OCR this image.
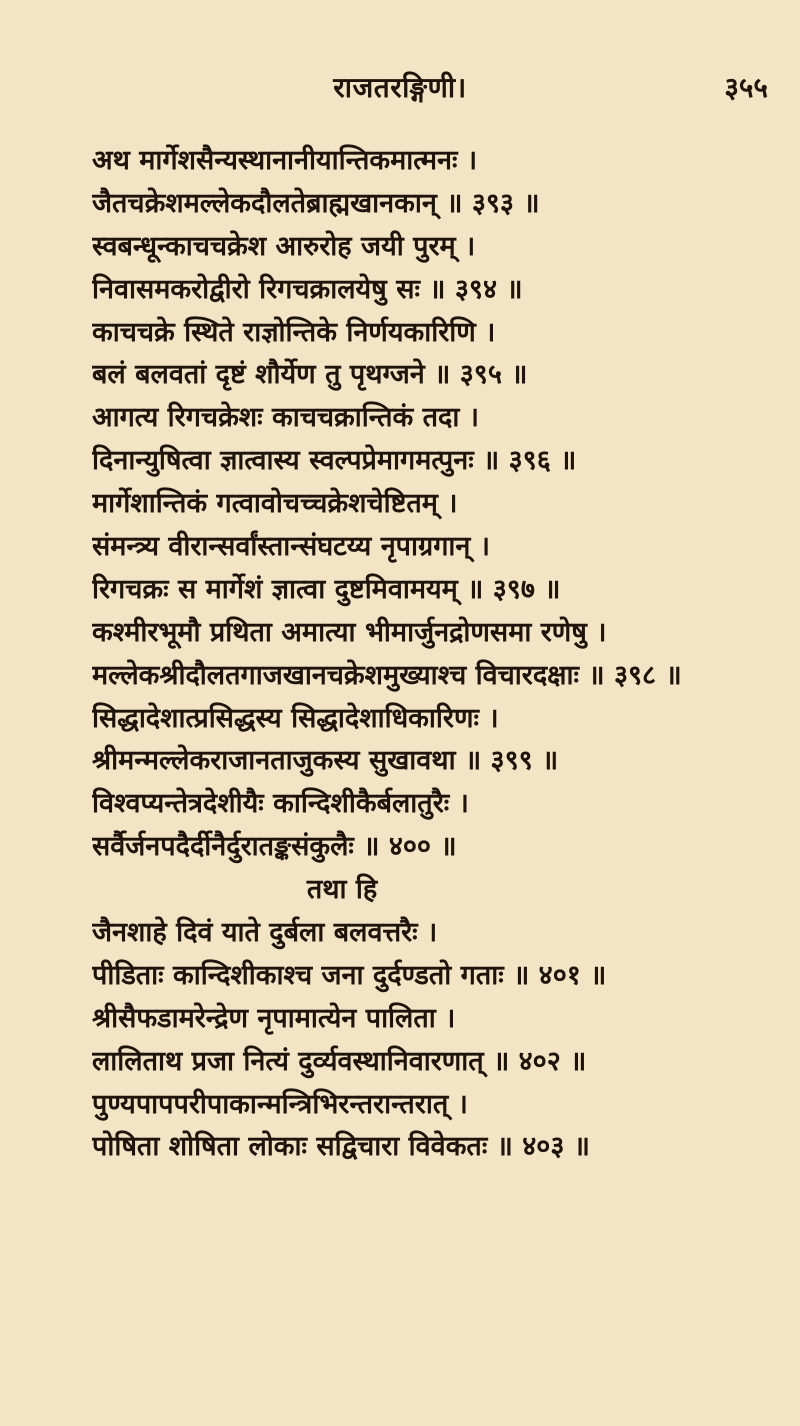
राजतरङ्गिणी।	३५५
अथ मार्गेशसैन्यस्थानानीयान्तिकमात्मनः ।
जैतचक्रेशमल्लेकदौलतेब्राह्मखानकान् ॥ ३९३ ॥
स्वबन्धून्काचचक्रेश आरुरोह जयी पुरम् ।
निवासमकरोद्वीरो रिगचक्रालयेषु सः ॥ ३९४ ॥
काचचक्रे स्थिते राज्ञोन्तिके निर्णयकारिणि ।
बलं बलवतां दृष्टं शौर्येण तु पृथग्जने ॥ ३९५ ॥
आगत्य रिगचक्रेशः काचचक्रान्तिकं तदा ।
दिनान्युषित्वा ज्ञात्वास्य स्वल्पप्रेमागमत्पुनः ॥ ३९६ ॥
मार्गेशान्तिकं गत्वावोचच्चक्रेशचेष्टितम् ।
संमन्त्र्य वीरान्सर्वांस्तान्संघटय्य नृपाग्रगान् ।
रिगचक्रः स मार्गेशं ज्ञात्वा दुष्टमिवामयम् ॥ ३९७ ॥
कश्मीरभूमौ प्रथिता अमात्या भीमार्जुनद्रोणसमा रणेषु ।
मल्लेकश्रीदौलतगाजखानचक्रेशमुख्याश्च विचारदक्षाः ॥ ३९८ ॥
सिद्धादेशात्प्रसिद्धस्य सिद्धादेशाधिकारिणः ।
श्रीमन्मल्लेकराजानताजुकस्य सुखावथा ॥ ३९९ ॥
विश्वप्यन्तेत्रदेशीयैः कान्दिशीकैर्बलातुरैः ।
सर्वैर्जनपदैर्दीनैर्दुरातङ्कसंकुलैः ॥ ४०० ॥
तथा हि
जैनशाहे दिवं याते दुर्बला बलवत्तरैः ।
पीडिताः कान्दिशीकाश्च जना दुर्दण्डतो गताः ॥ ४०१ ॥
श्रीसैफडामरेन्द्रेण नृपामात्येन पालिता ।
लालिताथ प्रजा नित्यं दुर्व्यवस्थानिवारणात् ॥ ४०२ ॥
पुण्यपापपरीपाकान्मन्त्रिभिरन्तरान्तरात् ।
पोषिता शोषिता लोकाः सद्विचारा विवेकतः ॥ ४०३ ॥
